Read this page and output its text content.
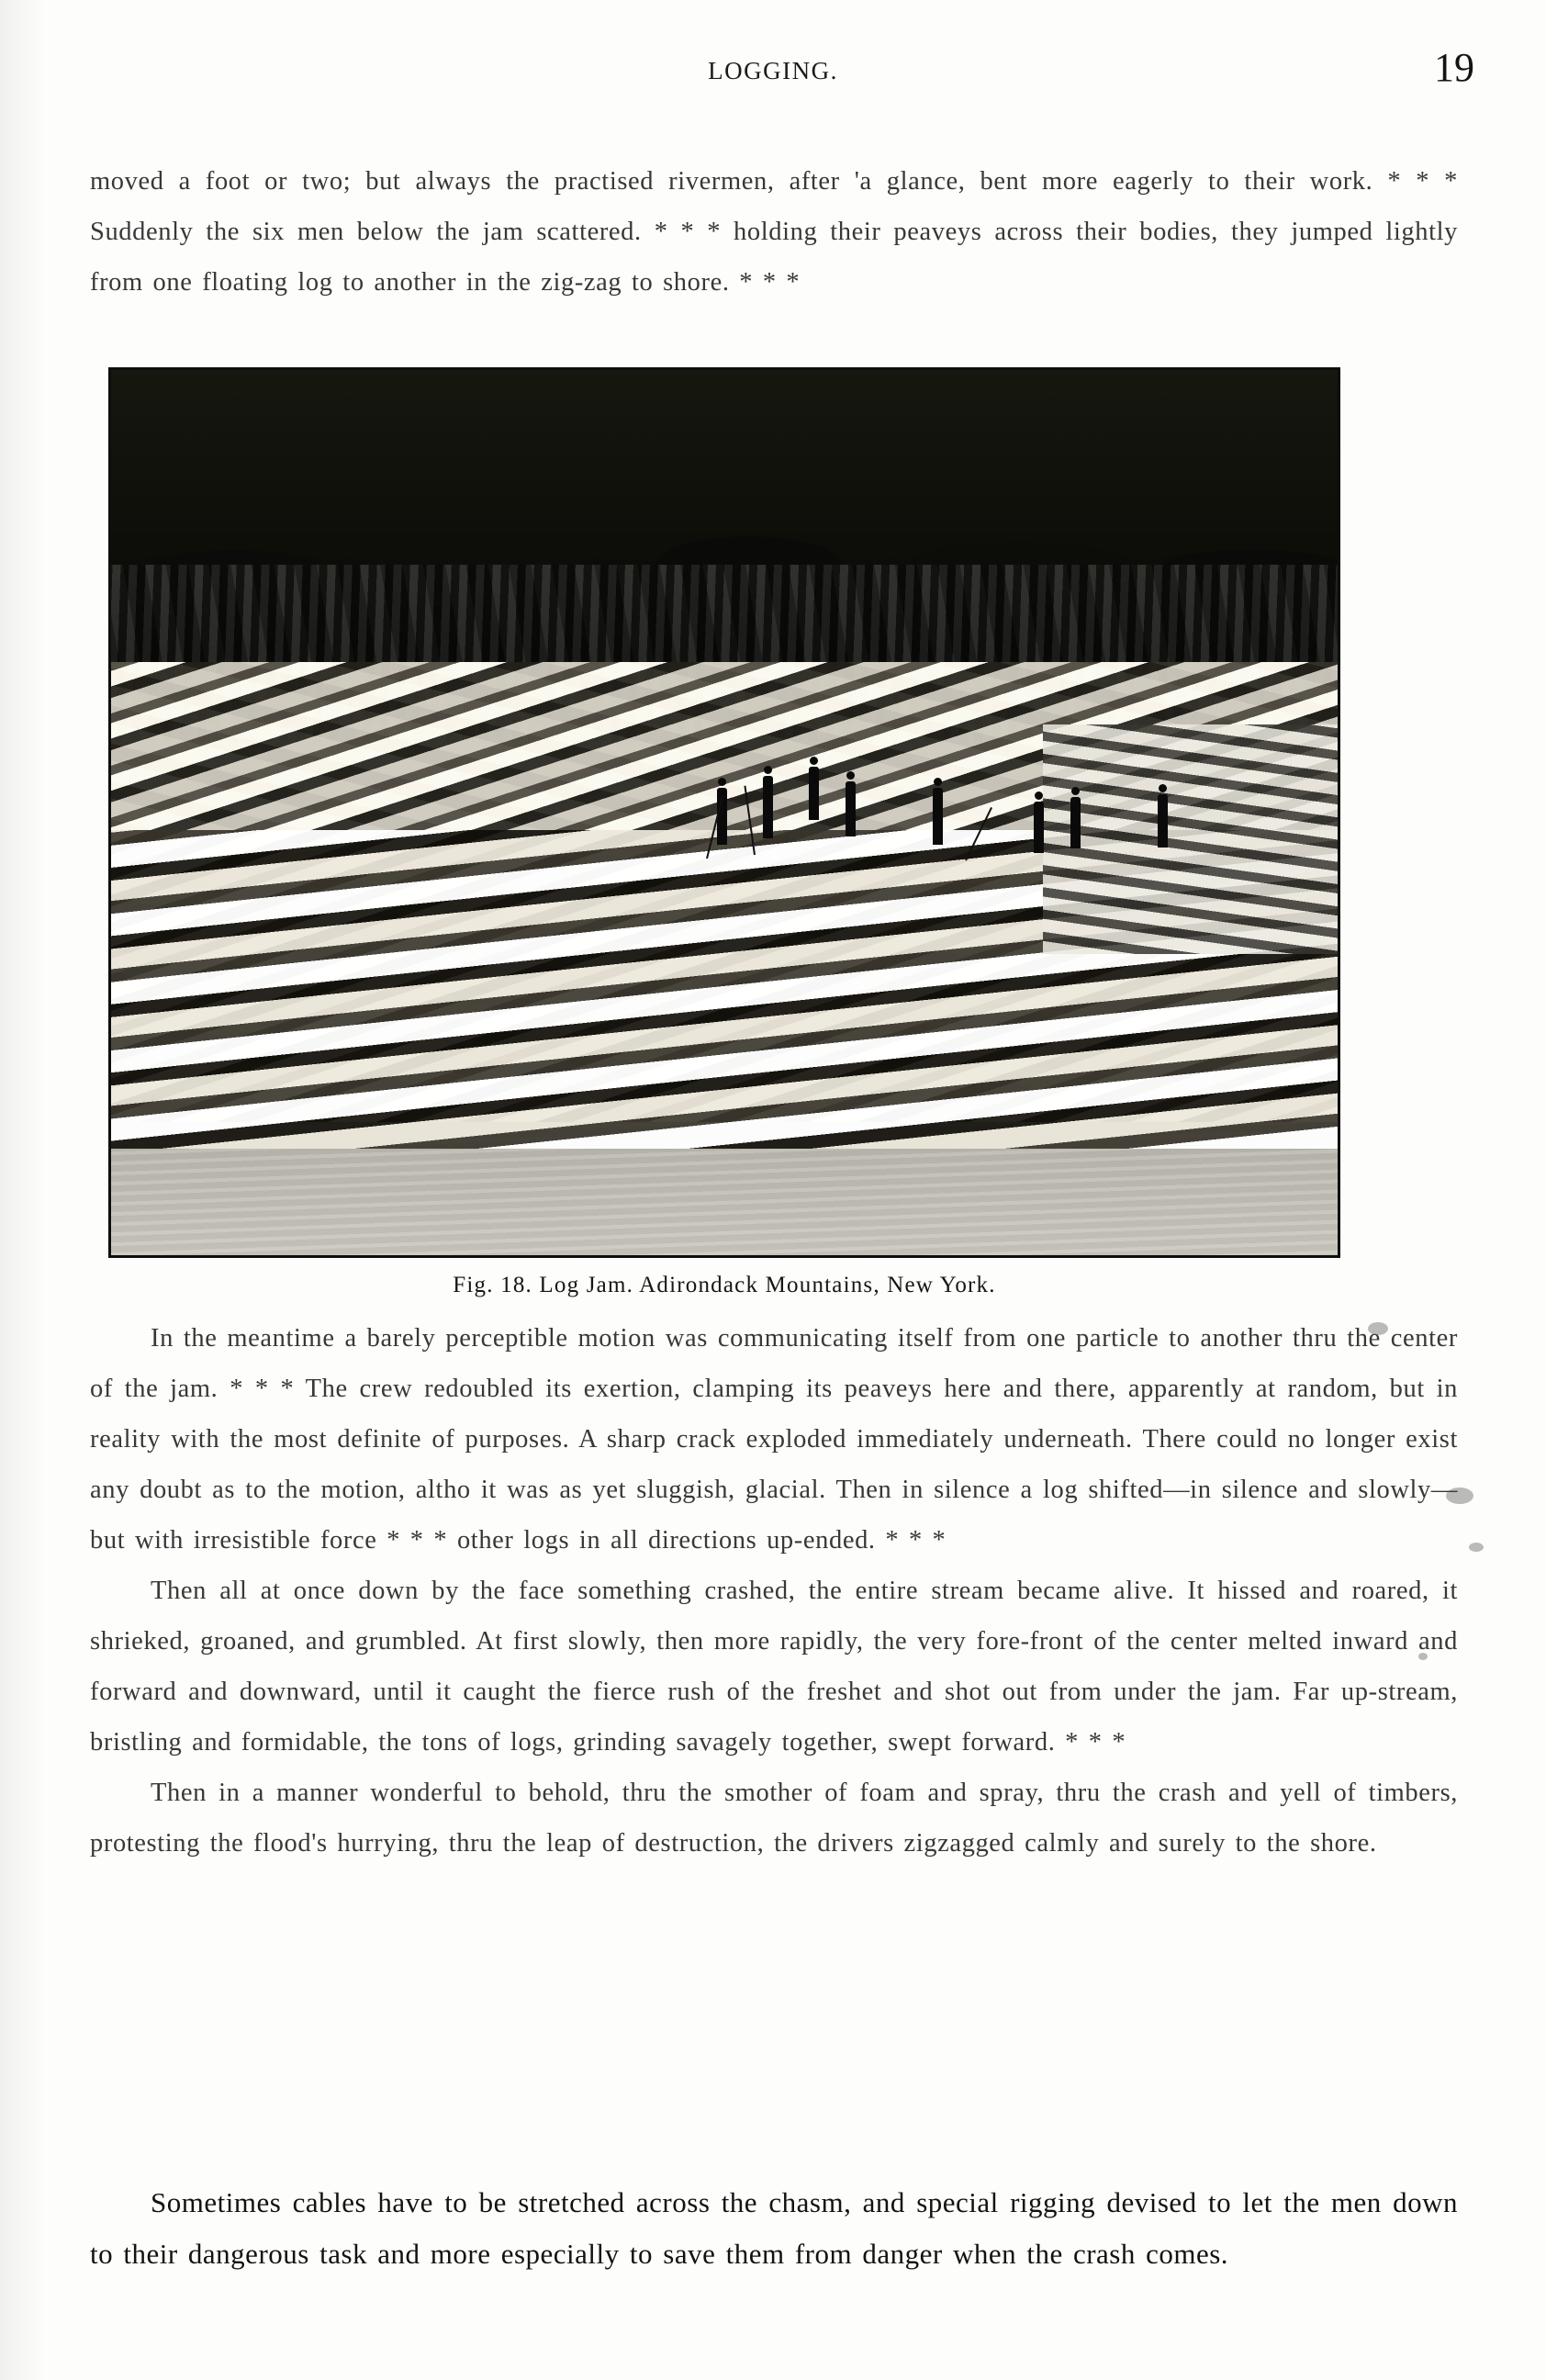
LOGGING.	19

moved a foot or two; but always the practised rivermen, after 'a glance, bent more eagerly to their work. * * * Suddenly the six men below the jam scattered. * * * holding their peaveys across their bodies, they jumped lightly from one floating log to another in the zig-zag to shore. * * *

Fig. 18. Log Jam. Adirondack Mountains, New York.

In the meantime a barely perceptible motion was communicating itself from one particle to another thru the center of the jam. * * * The crew redoubled its exertion, clamping its peaveys here and there, apparently at random, but in reality with the most definite of purposes. A sharp crack exploded immediately underneath. There could no longer exist any doubt as to the motion, altho it was as yet sluggish, glacial. Then in silence a log shifted—in silence and slowly—but with irresistible force * * * other logs in all directions up-ended. * * *

Then all at once down by the face something crashed, the entire stream became alive. It hissed and roared, it shrieked, groaned, and grumbled. At first slowly, then more rapidly, the very fore-front of the center melted inward and forward and downward, until it caught the fierce rush of the freshet and shot out from under the jam. Far up-stream, bristling and formidable, the tons of logs, grinding savagely together, swept forward. * * *

Then in a manner wonderful to behold, thru the smother of foam and spray, thru the crash and yell of timbers, protesting the flood's hurrying, thru the leap of destruction, the drivers zigzagged calmly and surely to the shore.

Sometimes cables have to be stretched across the chasm, and special rigging devised to let the men down to their dangerous task and more especially to save them from danger when the crash comes.
